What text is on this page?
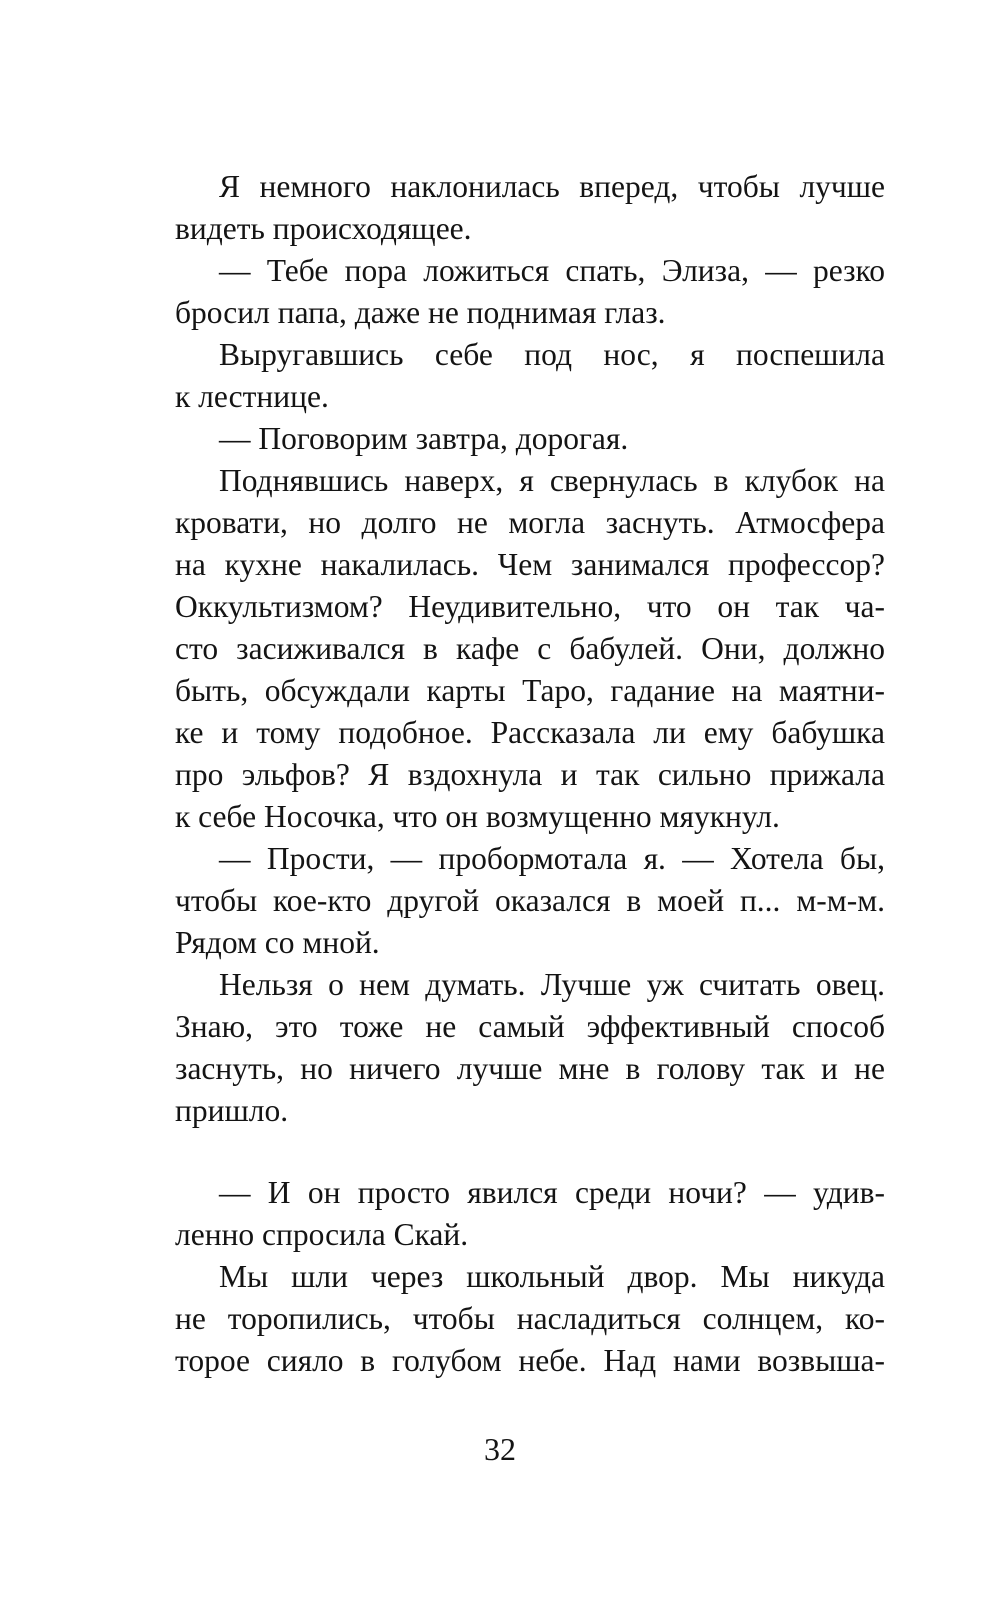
Я немного наклонилась вперед, чтобы лучше
видеть происходящее.
— Тебе пора ложиться спать, Элиза, — резко
бросил папа, даже не поднимая глаз.
Выругавшись себе под нос, я поспешила
к лестнице.
— Поговорим завтра, дорогая.
Поднявшись наверх, я свернулась в клубок на
кровати, но долго не могла заснуть. Атмосфера
на кухне накалилась. Чем занимался профессор?
Оккультизмом? Неудивительно, что он так ча-
сто засиживался в кафе с бабулей. Они, должно
быть, обсуждали карты Таро, гадание на маятни-
ке и тому подобное. Рассказала ли ему бабушка
про эльфов? Я вздохнула и так сильно прижала
к себе Носочка, что он возмущенно мяукнул.
— Прости, — пробормотала я. — Хотела бы,
чтобы кое-кто другой оказался в моей п... м-м-м.
Рядом со мной.
Нельзя о нем думать. Лучше уж считать овец.
Знаю, это тоже не самый эффективный способ
заснуть, но ничего лучше мне в голову так и не
пришло.
— И он просто явился среди ночи? — удив-
ленно спросила Скай.
Мы шли через школьный двор. Мы никуда
не торопились, чтобы насладиться солнцем, ко-
торое сияло в голубом небе. Над нами возвыша-
32
